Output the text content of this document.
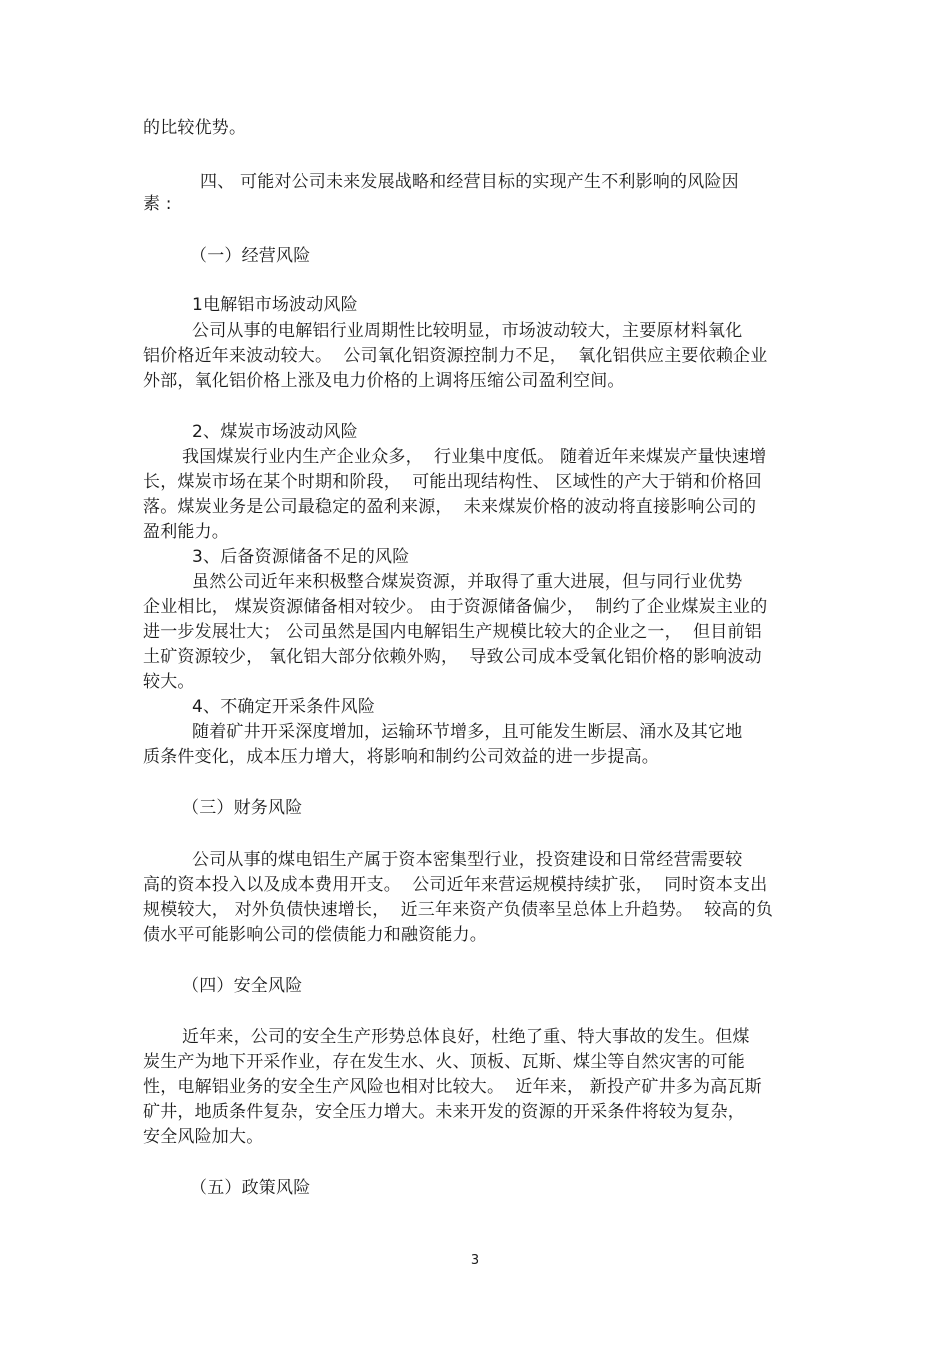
的比较优势。
四、 可能对公司未来发展战略和经营目标的实现产生不利影响的风险因
素 :
（一）经营风险
1电解铝市场波动风险
公司从事的电解铝行业周期性比较明显，市场波动较大，主要原材料氧化
铝价格近年来波动较大。  公司氧化铝资源控制力不足，  氧化铝供应主要依赖企业
外部，氧化铝价格上涨及电力价格的上调将压缩公司盈利空间。
2、煤炭市场波动风险
我国煤炭行业内生产企业众多，  行业集中度低。 随着近年来煤炭产量快速增
长，煤炭市场在某个时期和阶段，  可能出现结构性、 区域性的产大于销和价格回
落。煤炭业务是公司最稳定的盈利来源，  未来煤炭价格的波动将直接影响公司的
盈利能力。
3、后备资源储备不足的风险
虽然公司近年来积极整合煤炭资源，并取得了重大进展，但与同行业优势
企业相比， 煤炭资源储备相对较少。 由于资源储备偏少，  制约了企业煤炭主业的
进一步发展壮大； 公司虽然是国内电解铝生产规模比较大的企业之一，  但目前铝
土矿资源较少， 氧化铝大部分依赖外购，  导致公司成本受氧化铝价格的影响波动
较大。
4、不确定开采条件风险
随着矿井开采深度增加，运输环节增多，且可能发生断层、涌水及其它地
质条件变化，成本压力增大，将影响和制约公司效益的进一步提高。
（三）财务风险
公司从事的煤电铝生产属于资本密集型行业，投资建设和日常经营需要较
高的资本投入以及成本费用开支。  公司近年来营运规模持续扩张，  同时资本支出
规模较大， 对外负债快速增长，  近三年来资产负债率呈总体上升趋势。  较高的负
债水平可能影响公司的偿债能力和融资能力。
（四）安全风险
近年来，公司的安全生产形势总体良好，杜绝了重、特大事故的发生。但煤
炭生产为地下开采作业，存在发生水、火、顶板、瓦斯、煤尘等自然灾害的可能
性，电解铝业务的安全生产风险也相对比较大。  近年来， 新投产矿井多为高瓦斯
矿井，地质条件复杂，安全压力增大。未来开发的资源的开采条件将较为复杂，
安全风险加大。
（五）政策风险
3
